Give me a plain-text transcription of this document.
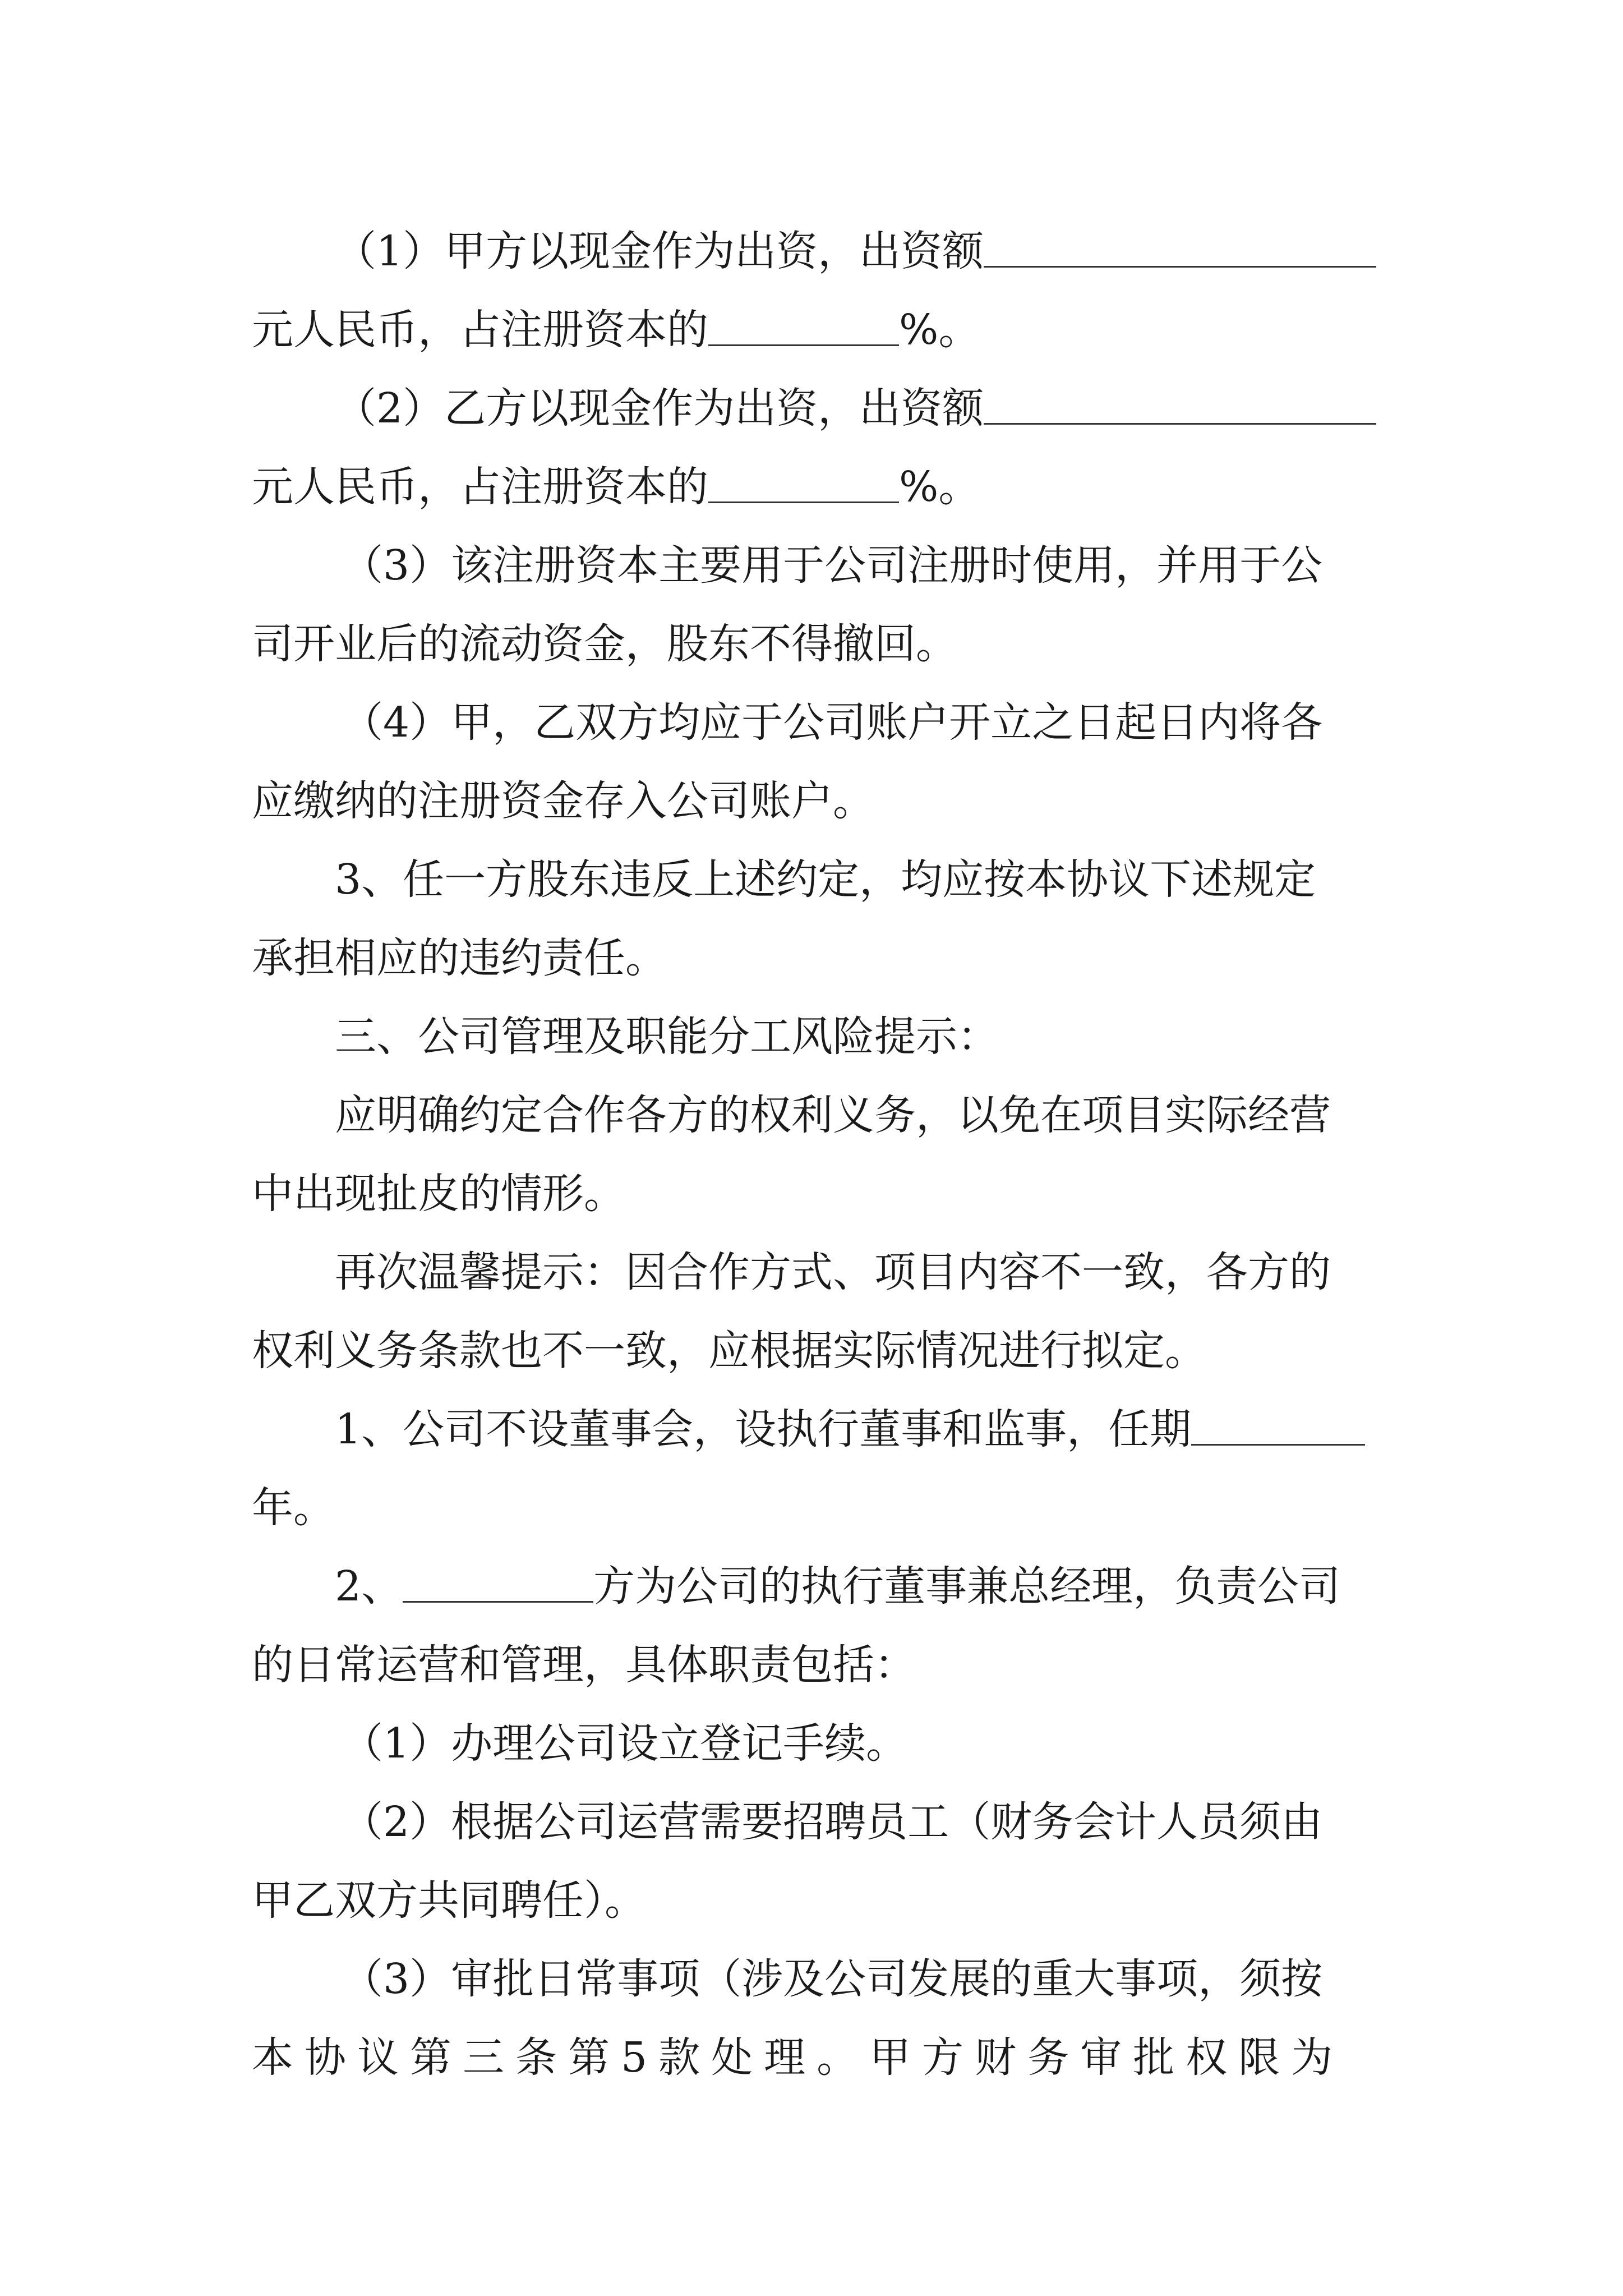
（1）甲方以现金作为出资，出资额
元人民币，占注册资本的	%。
（2）乙方以现金作为出资，出资额
元人民币，占注册资本的	%。
（3）该注册资本主要用于公司注册时使用，并用于公
司开业后的流动资金，股东不得撤回。
（4）甲，乙双方均应于公司账户开立之日起日内将各
应缴纳的注册资金存入公司账户。
3、任一方股东违反上述约定，均应按本协议下述规定
承担相应的违约责任。
三、公司管理及职能分工风险提示：
应明确约定合作各方的权利义务，以免在项目实际经营
中出现扯皮的情形。
再次温馨提示：因合作方式、项目内容不一致，各方的
权利义务条款也不一致，应根据实际情况进行拟定。
1、公司不设董事会，设执行董事和监事，任期
年。
2、	方为公司的执行董事兼总经理，负责公司
的日常运营和管理，具体职责包括：
（1）办理公司设立登记手续。
（2）根据公司运营需要招聘员工（财务会计人员须由
甲乙双方共同聘任）。
（3）审批日常事项（涉及公司发展的重大事项，须按
本协议第三条第5款处理。甲方财务审批权限为
